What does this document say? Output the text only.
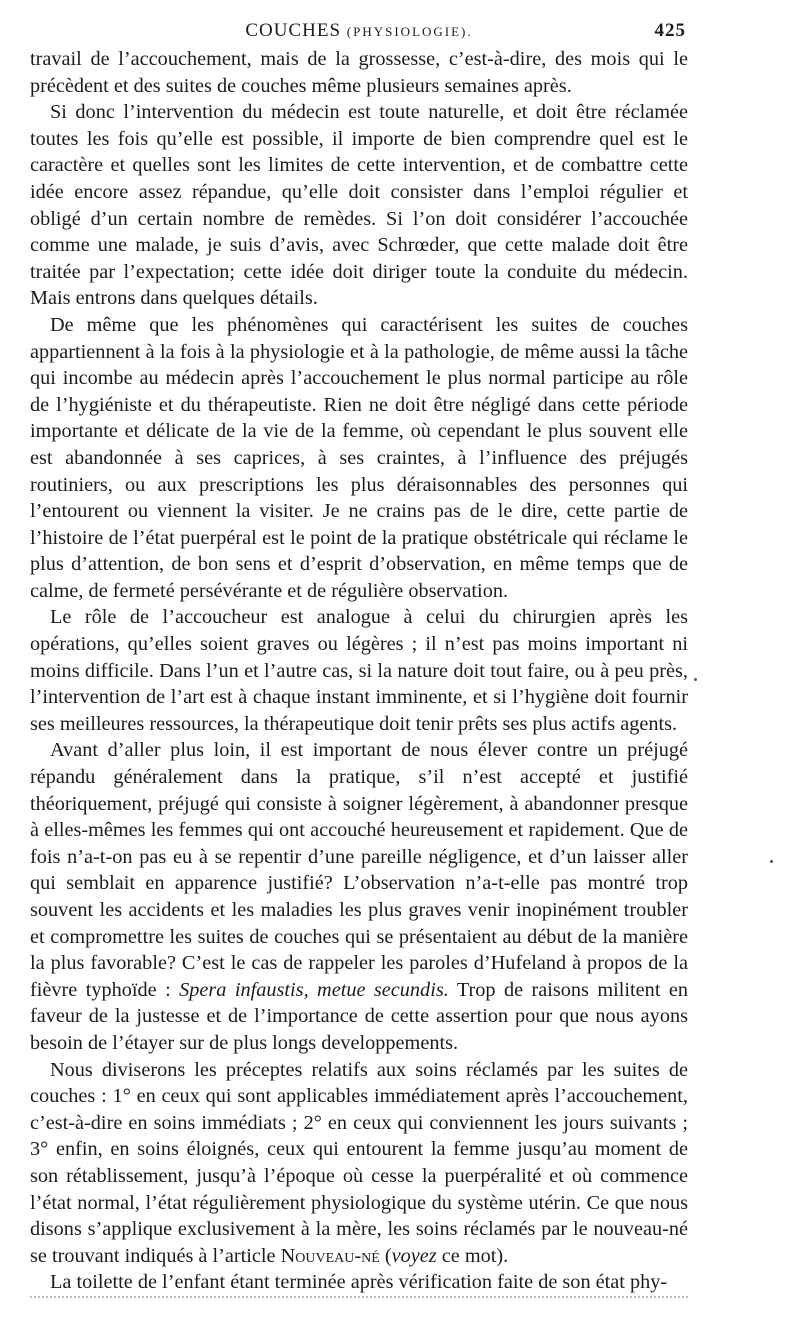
COUCHES (PHYSIOLOGIE).	425

travail de l’accouchement, mais de la grossesse, c’est-à-dire, des mois qui le précèdent et des suites de couches même plusieurs semaines après.

Si donc l’intervention du médecin est toute naturelle, et doit être réclamée toutes les fois qu’elle est possible, il importe de bien comprendre quel est le caractère et quelles sont les limites de cette intervention, et de combattre cette idée encore assez répandue, qu’elle doit consister dans l’emploi régulier et obligé d’un certain nombre de remèdes. Si l’on doit considérer l’accouchée comme une malade, je suis d’avis, avec Schrœder, que cette malade doit être traitée par l’expectation; cette idée doit diriger toute la conduite du médecin. Mais entrons dans quelques détails.

De même que les phénomènes qui caractérisent les suites de couches appartiennent à la fois à la physiologie et à la pathologie, de même aussi la tâche qui incombe au médecin après l’accouchement le plus normal participe au rôle de l’hygiéniste et du thérapeutiste. Rien ne doit être négligé dans cette période importante et délicate de la vie de la femme, où cependant le plus souvent elle est abandonnée à ses caprices, à ses craintes, à l’influence des préjugés routiniers, ou aux prescriptions les plus déraisonnables des personnes qui l’entourent ou viennent la visiter. Je ne crains pas de le dire, cette partie de l’histoire de l’état puerpéral est le point de la pratique obstétricale qui réclame le plus d’attention, de bon sens et d’esprit d’observation, en même temps que de calme, de fermeté persévérante et de régulière observation.

Le rôle de l’accoucheur est analogue à celui du chirurgien après les opérations, qu’elles soient graves ou légères ; il n’est pas moins important ni moins difficile. Dans l’un et l’autre cas, si la nature doit tout faire, ou à peu près, l’intervention de l’art est à chaque instant imminente, et si l’hygiène doit fournir ses meilleures ressources, la thérapeutique doit tenir prêts ses plus actifs agents.

Avant d’aller plus loin, il est important de nous élever contre un préjugé répandu généralement dans la pratique, s’il n’est accepté et justifié théoriquement, préjugé qui consiste à soigner légèrement, à abandonner presque à elles-mêmes les femmes qui ont accouché heureusement et rapidement. Que de fois n’a-t-on pas eu à se repentir d’une pareille négligence, et d’un laisser aller qui semblait en apparence justifié? L’observation n’a-t-elle pas montré trop souvent les accidents et les maladies les plus graves venir inopinément troubler et compromettre les suites de couches qui se présentaient au début de la manière la plus favorable? C’est le cas de rappeler les paroles d’Hufeland à propos de la fièvre typhoïde : Spera infaustis, metue secundis. Trop de raisons militent en faveur de la justesse et de l’importance de cette assertion pour que nous ayons besoin de l’étayer sur de plus longs developpements.

Nous diviserons les préceptes relatifs aux soins réclamés par les suites de couches : 1° en ceux qui sont applicables immédiatement après l’accouchement, c’est-à-dire en soins immédiats ; 2° en ceux qui conviennent les jours suivants ; 3° enfin, en soins éloignés, ceux qui entourent la femme jusqu’au moment de son rétablissement, jusqu’à l’époque où cesse la puerpéralité et où commence l’état normal, l’état régulièrement physiologique du système utérin. Ce que nous disons s’applique exclusivement à la mère, les soins réclamés par le nouveau-né se trouvant indiqués à l’article Nouveau-né (voyez ce mot).

La toilette de l’enfant étant terminée après vérification faite de son état phy-
